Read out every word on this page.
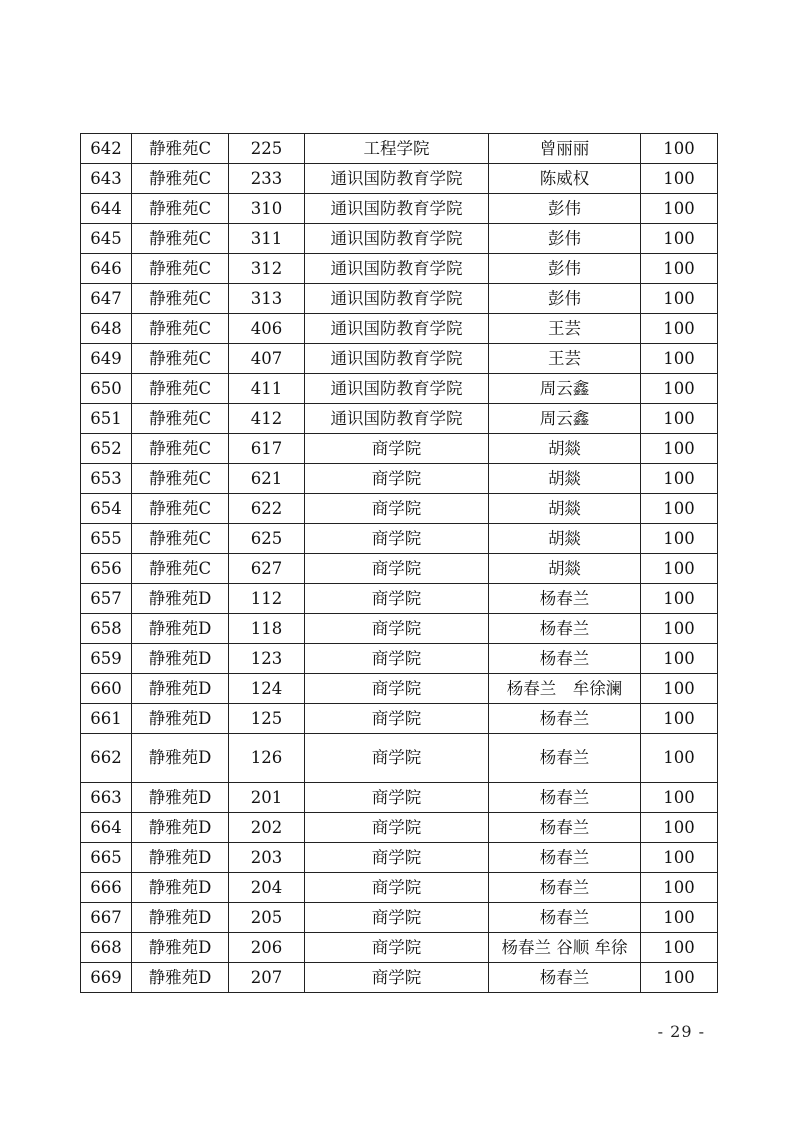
642	静雅苑C	225	工程学院	曾丽丽	100
643	静雅苑C	233	通识国防教育学院	陈威权	100
644	静雅苑C	310	通识国防教育学院	彭伟	100
645	静雅苑C	311	通识国防教育学院	彭伟	100
646	静雅苑C	312	通识国防教育学院	彭伟	100
647	静雅苑C	313	通识国防教育学院	彭伟	100
648	静雅苑C	406	通识国防教育学院	王芸	100
649	静雅苑C	407	通识国防教育学院	王芸	100
650	静雅苑C	411	通识国防教育学院	周云鑫	100
651	静雅苑C	412	通识国防教育学院	周云鑫	100
652	静雅苑C	617	商学院	胡燚	100
653	静雅苑C	621	商学院	胡燚	100
654	静雅苑C	622	商学院	胡燚	100
655	静雅苑C	625	商学院	胡燚	100
656	静雅苑C	627	商学院	胡燚	100
657	静雅苑D	112	商学院	杨春兰	100
658	静雅苑D	118	商学院	杨春兰	100
659	静雅苑D	123	商学院	杨春兰	100
660	静雅苑D	124	商学院	杨春兰　牟徐澜	100
661	静雅苑D	125	商学院	杨春兰	100
662	静雅苑D	126	商学院	杨春兰	100
663	静雅苑D	201	商学院	杨春兰	100
664	静雅苑D	202	商学院	杨春兰	100
665	静雅苑D	203	商学院	杨春兰	100
666	静雅苑D	204	商学院	杨春兰	100
667	静雅苑D	205	商学院	杨春兰	100
668	静雅苑D	206	商学院	杨春兰 谷顺 牟徐	100
669	静雅苑D	207	商学院	杨春兰	100
- 29 -
